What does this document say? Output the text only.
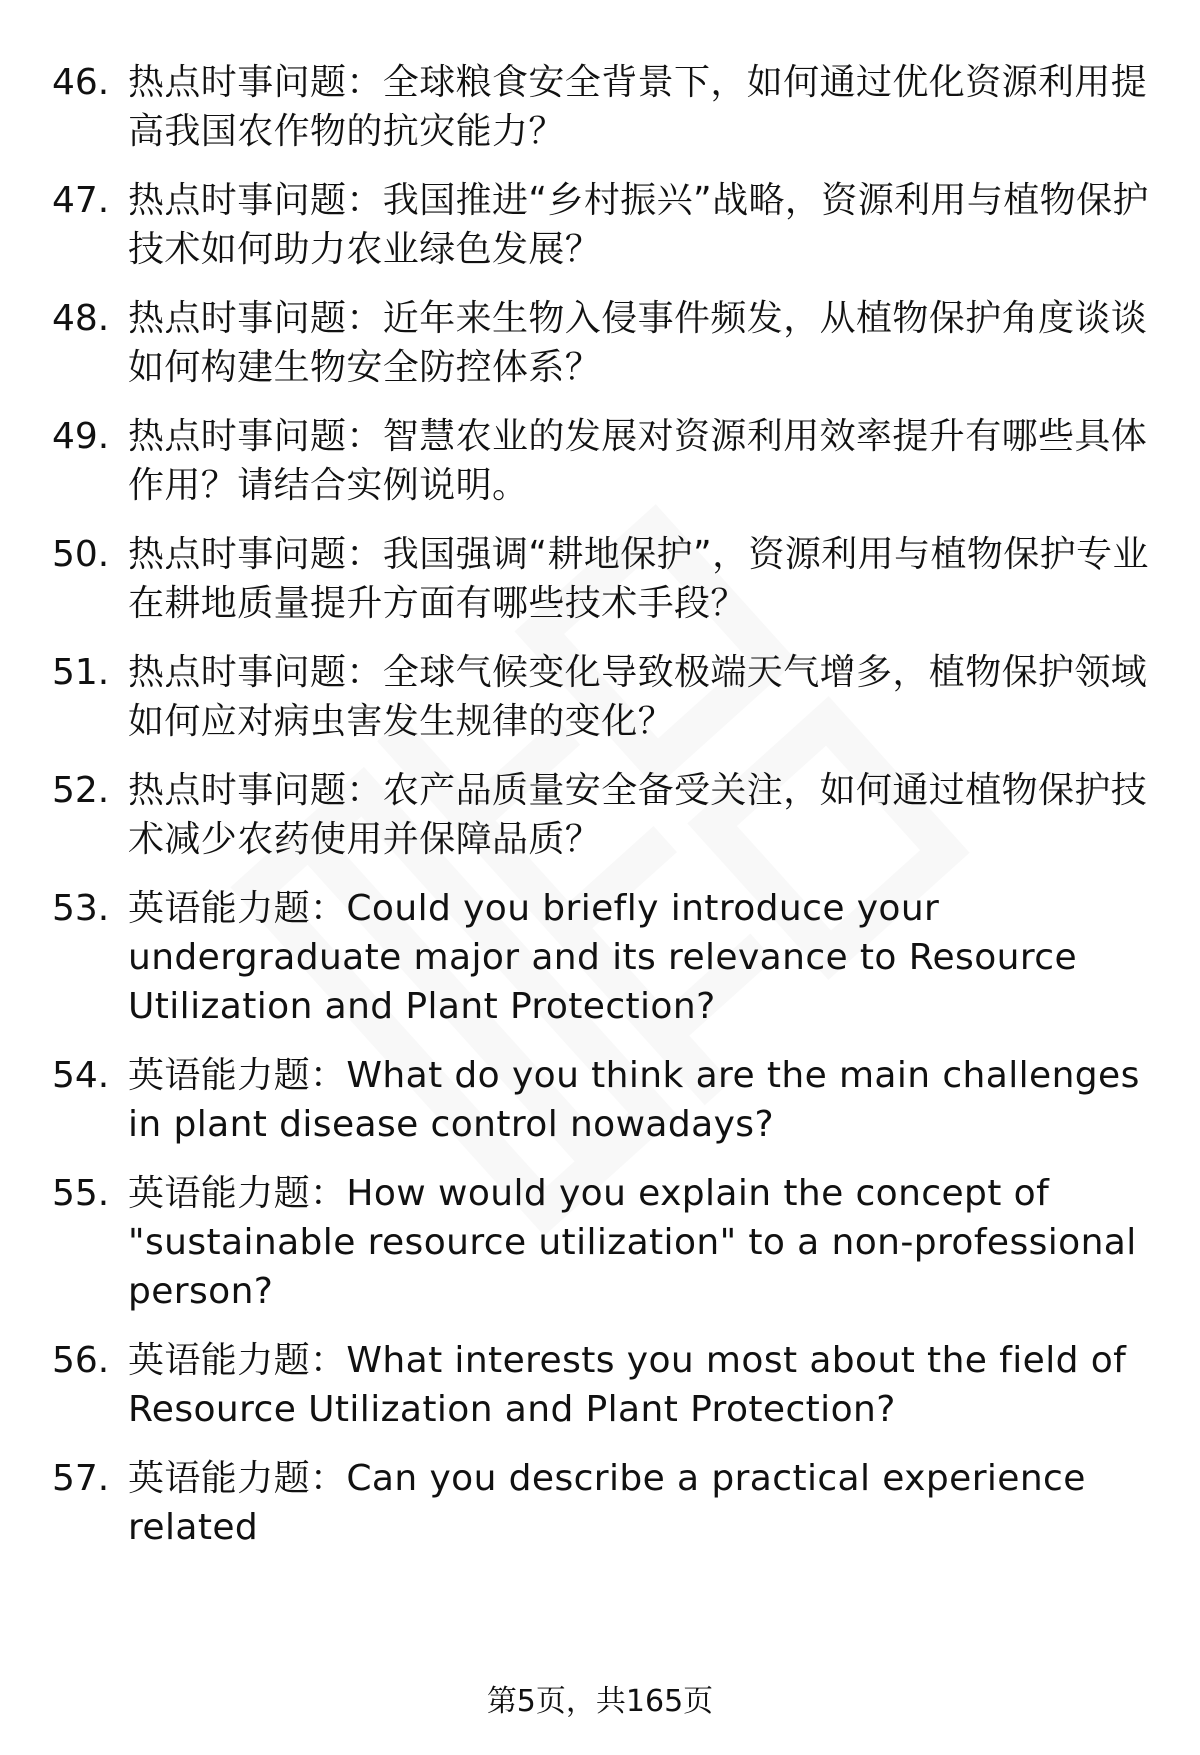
46. 热点时事问题：全球粮食安全背景下，如何通过优化资源利用提高我国农作物的抗灾能力？
47. 热点时事问题：我国推进“乡村振兴”战略，资源利用与植物保护技术如何助力农业绿色发展？
48. 热点时事问题：近年来生物入侵事件频发，从植物保护角度谈谈如何构建生物安全防控体系？
49. 热点时事问题：智慧农业的发展对资源利用效率提升有哪些具体作用？请结合实例说明。
50. 热点时事问题：我国强调“耕地保护”，资源利用与植物保护专业在耕地质量提升方面有哪些技术手段？
51. 热点时事问题：全球气候变化导致极端天气增多，植物保护领域如何应对病虫害发生规律的变化？
52. 热点时事问题：农产品质量安全备受关注，如何通过植物保护技术减少农药使用并保障品质？
53. 英语能力题：Could you briefly introduce your undergraduate major and its relevance to Resource Utilization and Plant Protection?
54. 英语能力题：What do you think are the main challenges in plant disease control nowadays?
55. 英语能力题：How would you explain the concept of "sustainable resource utilization" to a non-professional person?
56. 英语能力题：What interests you most about the field of Resource Utilization and Plant Protection?
57. 英语能力题：Can you describe a practical experience related
第5页，共165页
